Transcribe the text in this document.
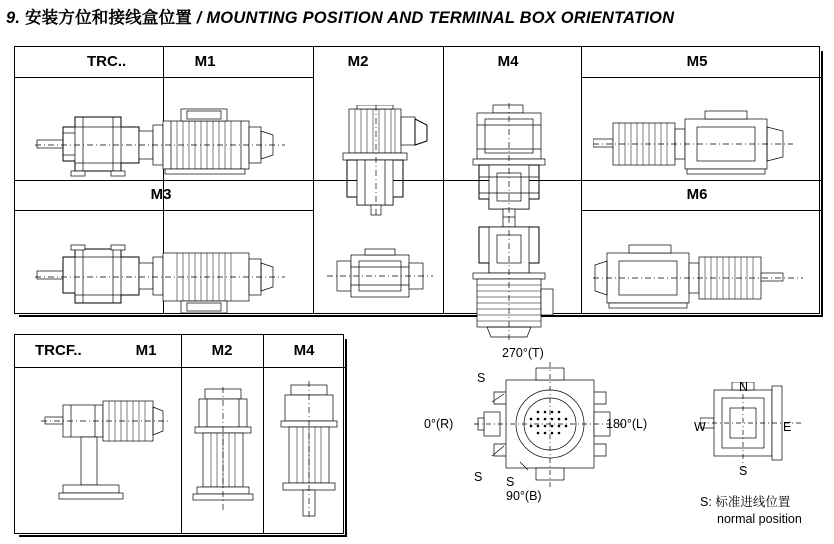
9. 安装方位和接线盒位置 / MOUNTING POSITION AND TERMINAL BOX ORIENTATION
TRC..	M1	M2	M4	M5
M3	M6
TRCF..	M1	M2	M4	270°(T)
0°(R)	180°(L)
90°(B)
S
S S
N
E
S
W
S: 标准进线位置
normal position
